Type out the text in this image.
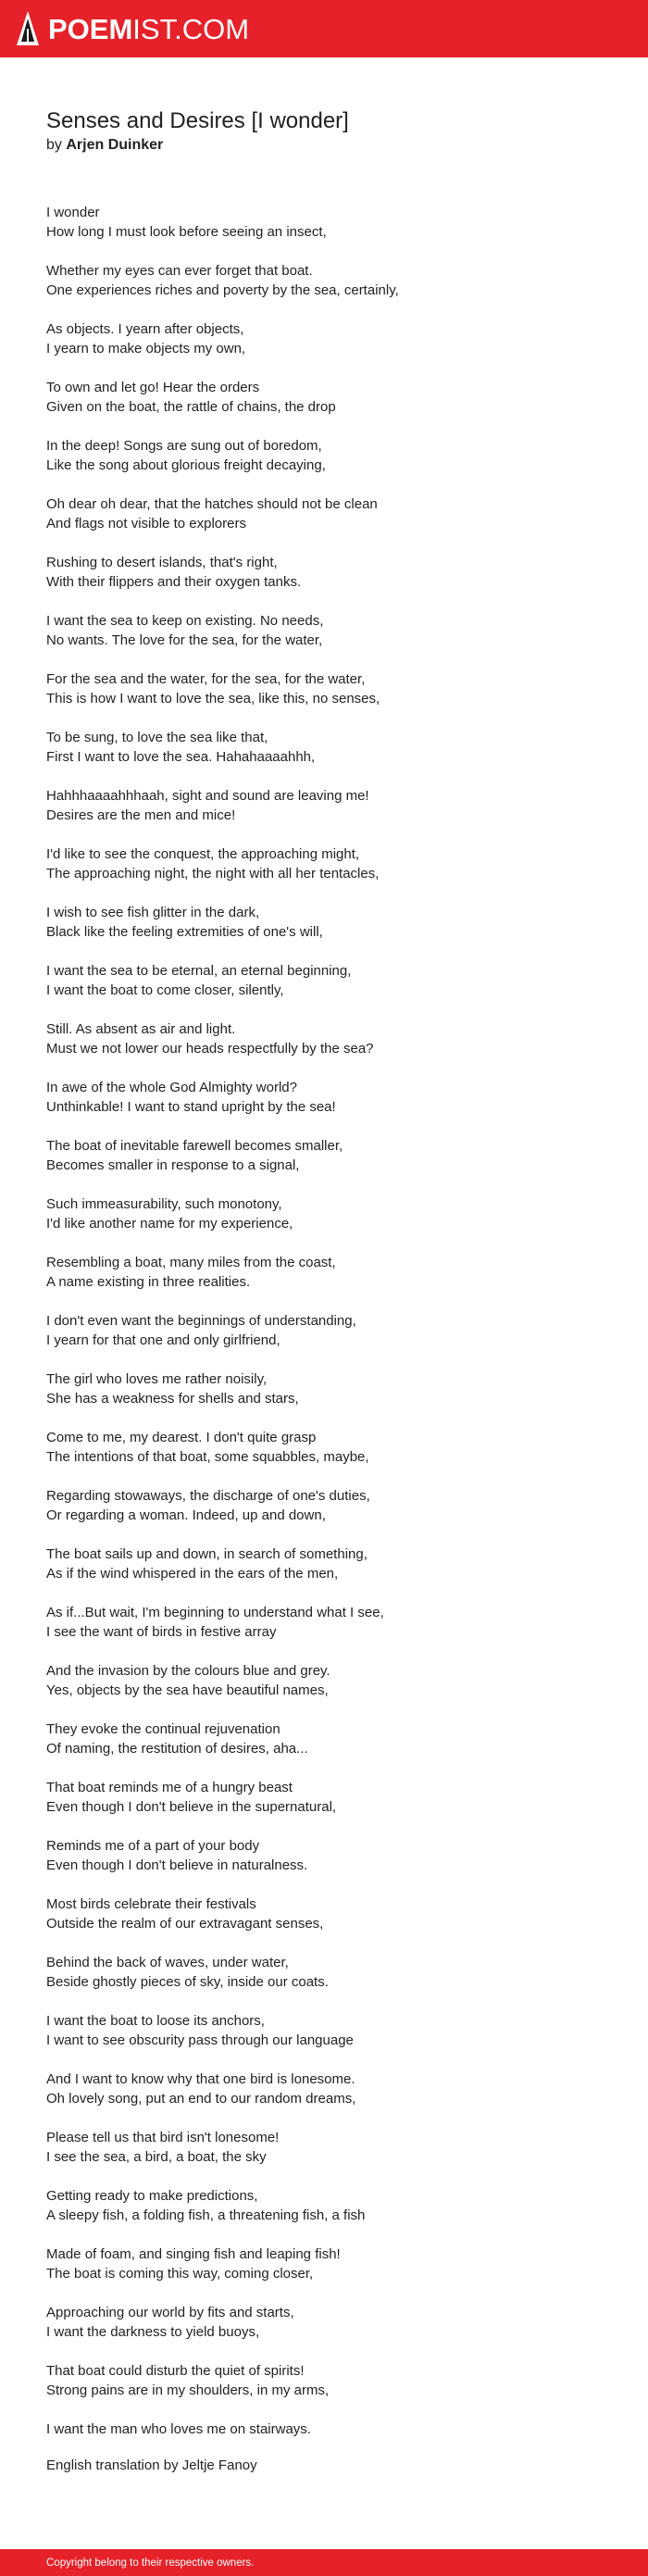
POEMIST.COM
Senses and Desires [I wonder]

by Arjen Duinker

I wonder
How long I must look before seeing an insect,
Whether my eyes can ever forget that boat.
One experiences riches and poverty by the sea, certainly,
As objects. I yearn after objects,
I yearn to make objects my own,
To own and let go! Hear the orders
Given on the boat, the rattle of chains, the drop
In the deep! Songs are sung out of boredom,
Like the song about glorious freight decaying,
Oh dear oh dear, that the hatches should not be clean
And flags not visible to explorers
Rushing to desert islands, that's right,
With their flippers and their oxygen tanks.
I want the sea to keep on existing. No needs,
No wants. The love for the sea, for the water,
For the sea and the water, for the sea, for the water,
This is how I want to love the sea, like this, no senses,
To be sung, to love the sea like that,
First I want to love the sea. Hahahaaaahhh,
Hahhhaaaahhhaah, sight and sound are leaving me!
Desires are the men and mice!
I'd like to see the conquest, the approaching might,
The approaching night, the night with all her tentacles,
I wish to see fish glitter in the dark,
Black like the feeling extremities of one's will,
I want the sea to be eternal, an eternal beginning,
I want the boat to come closer, silently,
Still. As absent as air and light.
Must we not lower our heads respectfully by the sea?
In awe of the whole God Almighty world?
Unthinkable! I want to stand upright by the sea!
The boat of inevitable farewell becomes smaller,
Becomes smaller in response to a signal,
Such immeasurability, such monotony,
I'd like another name for my experience,
Resembling a boat, many miles from the coast,
A name existing in three realities.
I don't even want the beginnings of understanding,
I yearn for that one and only girlfriend,
The girl who loves me rather noisily,
She has a weakness for shells and stars,
Come to me, my dearest. I don't quite grasp
The intentions of that boat, some squabbles, maybe,
Regarding stowaways, the discharge of one's duties,
Or regarding a woman. Indeed, up and down,
The boat sails up and down, in search of something,
As if the wind whispered in the ears of the men,
As if...But wait, I'm beginning to understand what I see,
I see the want of birds in festive array
And the invasion by the colours blue and grey.
Yes, objects by the sea have beautiful names,
They evoke the continual rejuvenation
Of naming, the restitution of desires, aha...
That boat reminds me of a hungry beast
Even though I don't believe in the supernatural,
Reminds me of a part of your body
Even though I don't believe in naturalness.
Most birds celebrate their festivals
Outside the realm of our extravagant senses,
Behind the back of waves, under water,
Beside ghostly pieces of sky, inside our coats.
I want the boat to loose its anchors,
I want to see obscurity pass through our language
And I want to know why that one bird is lonesome.
Oh lovely song, put an end to our random dreams,
Please tell us that bird isn't lonesome!
I see the sea, a bird, a boat, the sky
Getting ready to make predictions,
A sleepy fish, a folding fish, a threatening fish, a fish
Made of foam, and singing fish and leaping fish!
The boat is coming this way, coming closer,
Approaching our world by fits and starts,
I want the darkness to yield buoys,
That boat could disturb the quiet of spirits!
Strong pains are in my shoulders, in my arms,
I want the man who loves me on stairways.
English translation by Jeltje Fanoy
Copyright belong to their respective owners.
